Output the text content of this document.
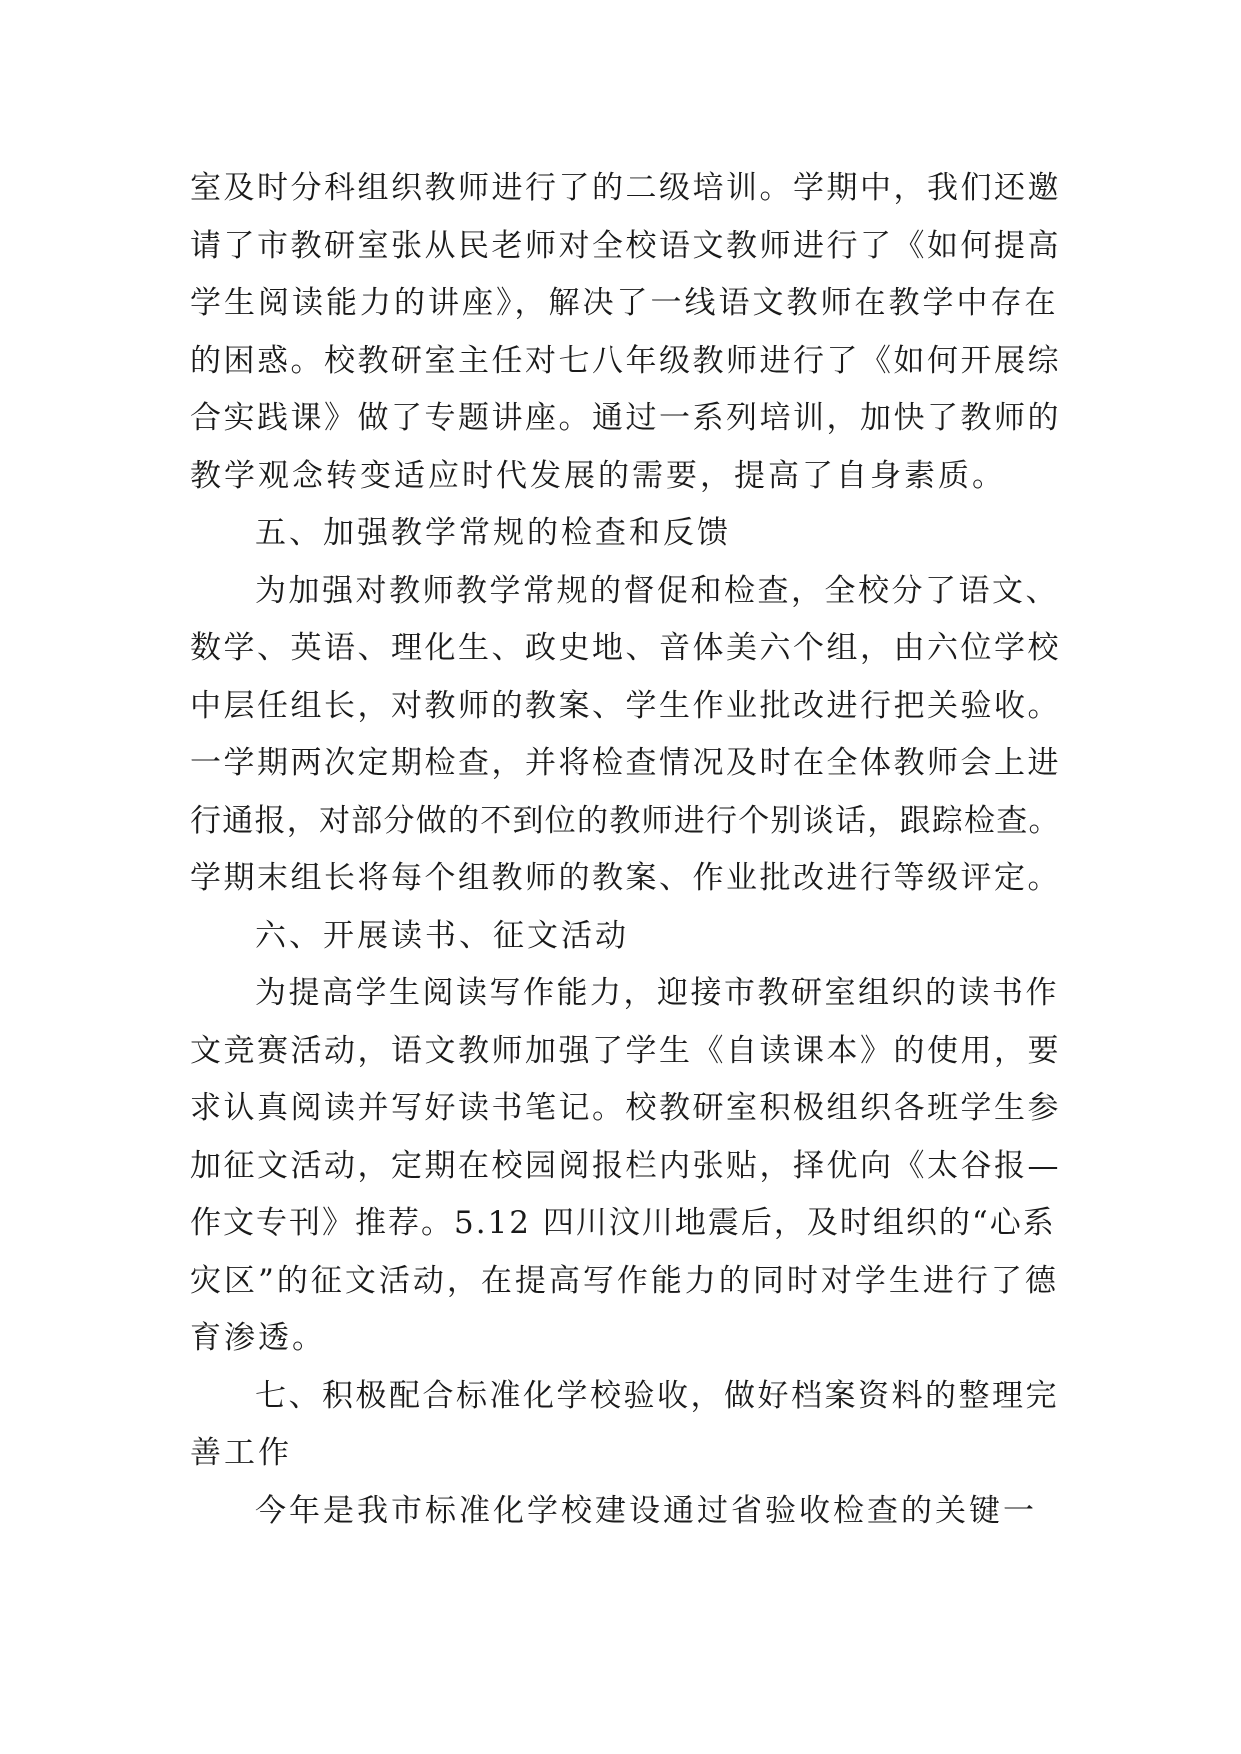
室及时分科组织教师进行了的二级培训。学期中，我们还邀
请了市教研室张从民老师对全校语文教师进行了《如何提高
学生阅读能力的讲座》，解决了一线语文教师在教学中存在
的困惑。校教研室主任对七八年级教师进行了《如何开展综
合实践课》做了专题讲座。通过一系列培训，加快了教师的
教学观念转变适应时代发展的需要，提高了自身素质。
五、加强教学常规的检查和反馈
为加强对教师教学常规的督促和检查，全校分了语文、
数学、英语、理化生、政史地、音体美六个组，由六位学校
中层任组长，对教师的教案、学生作业批改进行把关验收。
一学期两次定期检查，并将检查情况及时在全体教师会上进
行通报，对部分做的不到位的教师进行个别谈话，跟踪检查。
学期末组长将每个组教师的教案、作业批改进行等级评定。
六、开展读书、征文活动
为提高学生阅读写作能力，迎接市教研室组织的读书作
文竞赛活动，语文教师加强了学生《自读课本》的使用，要
求认真阅读并写好读书笔记。校教研室积极组织各班学生参
加征文活动，定期在校园阅报栏内张贴，择优向《太谷报—
作文专刊》推荐。5.12 四川汶川地震后，及时组织的“心系
灾区”的征文活动，在提高写作能力的同时对学生进行了德
育渗透。
七、积极配合标准化学校验收，做好档案资料的整理完
善工作
今年是我市标准化学校建设通过省验收检查的关键一
